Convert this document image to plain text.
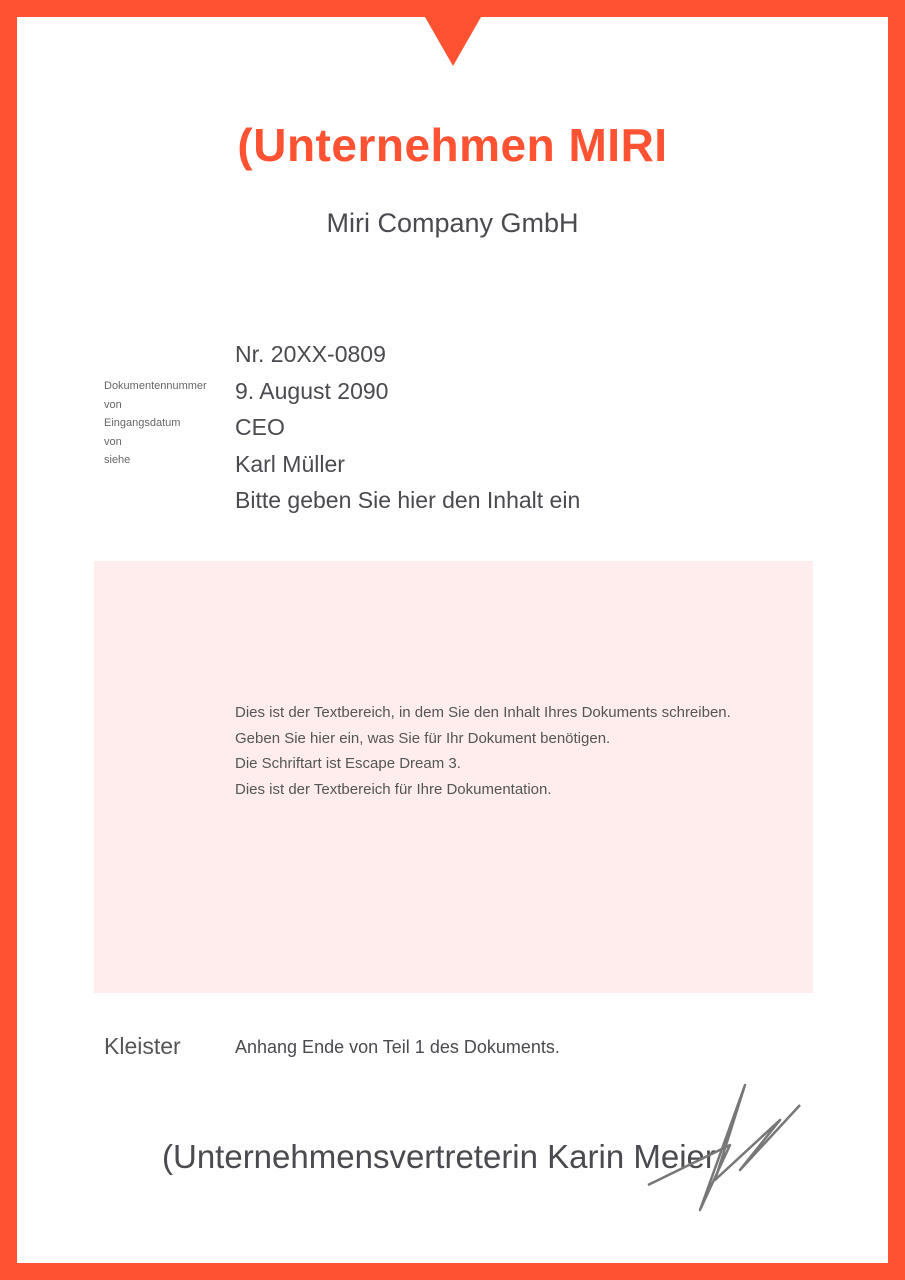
(Unternehmen MIRI
Miri Company GmbH
Dokumentennummer
von
Eingangsdatum
von
siehe
Nr. 20XX-0809
9. August 2090
CEO
Karl Müller
Bitte geben Sie hier den Inhalt ein
Dies ist der Textbereich, in dem Sie den Inhalt Ihres Dokuments schreiben.
Geben Sie hier ein, was Sie für Ihr Dokument benötigen.
Die Schriftart ist Escape Dream 3.
Dies ist der Textbereich für Ihre Dokumentation.
Kleister	Anhang Ende von Teil 1 des Dokuments.
(Unternehmensvertreterin Karin Meier
